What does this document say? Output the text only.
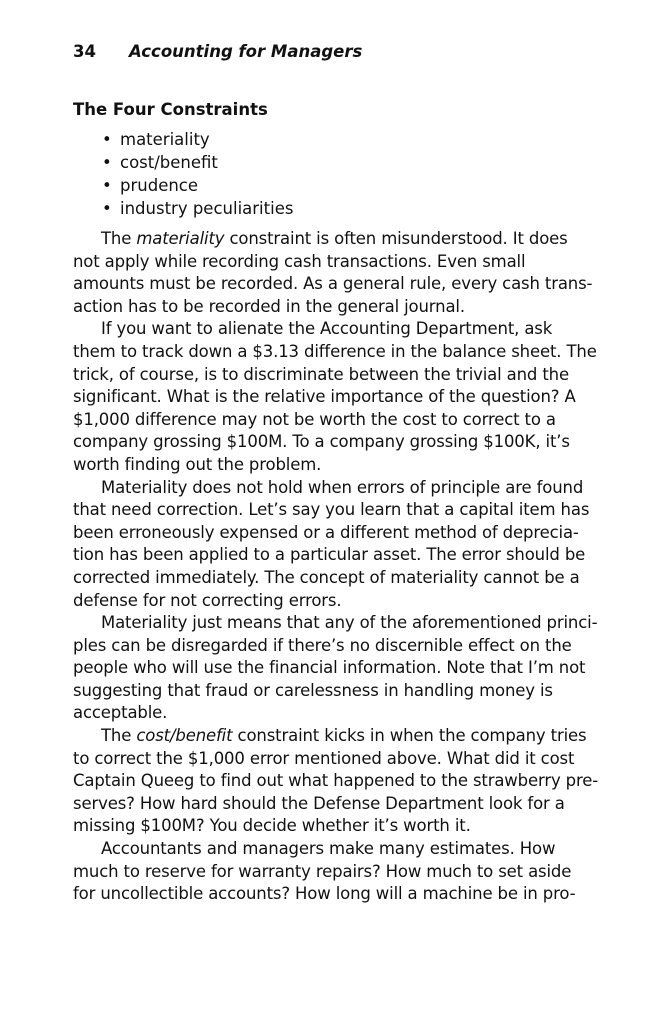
34 Accounting for Managers
The Four Constraints
• materiality
• cost/benefit
• prudence
• industry peculiarities
The materiality constraint is often misunderstood. It does
not apply while recording cash transactions. Even small
amounts must be recorded. As a general rule, every cash trans-
action has to be recorded in the general journal.
If you want to alienate the Accounting Department, ask
them to track down a $3.13 difference in the balance sheet. The
trick, of course, is to discriminate between the trivial and the
significant. What is the relative importance of the question? A
$1,000 difference may not be worth the cost to correct to a
company grossing $100M. To a company grossing $100K, it’s
worth finding out the problem.
Materiality does not hold when errors of principle are found
that need correction. Let’s say you learn that a capital item has
been erroneously expensed or a different method of deprecia-
tion has been applied to a particular asset. The error should be
corrected immediately. The concept of materiality cannot be a
defense for not correcting errors.
Materiality just means that any of the aforementioned princi-
ples can be disregarded if there’s no discernible effect on the
people who will use the financial information. Note that I’m not
suggesting that fraud or carelessness in handling money is
acceptable.
The cost/benefit constraint kicks in when the company tries
to correct the $1,000 error mentioned above. What did it cost
Captain Queeg to find out what happened to the strawberry pre-
serves? How hard should the Defense Department look for a
missing $100M? You decide whether it’s worth it.
Accountants and managers make many estimates. How
much to reserve for warranty repairs? How much to set aside
for uncollectible accounts? How long will a machine be in pro-
